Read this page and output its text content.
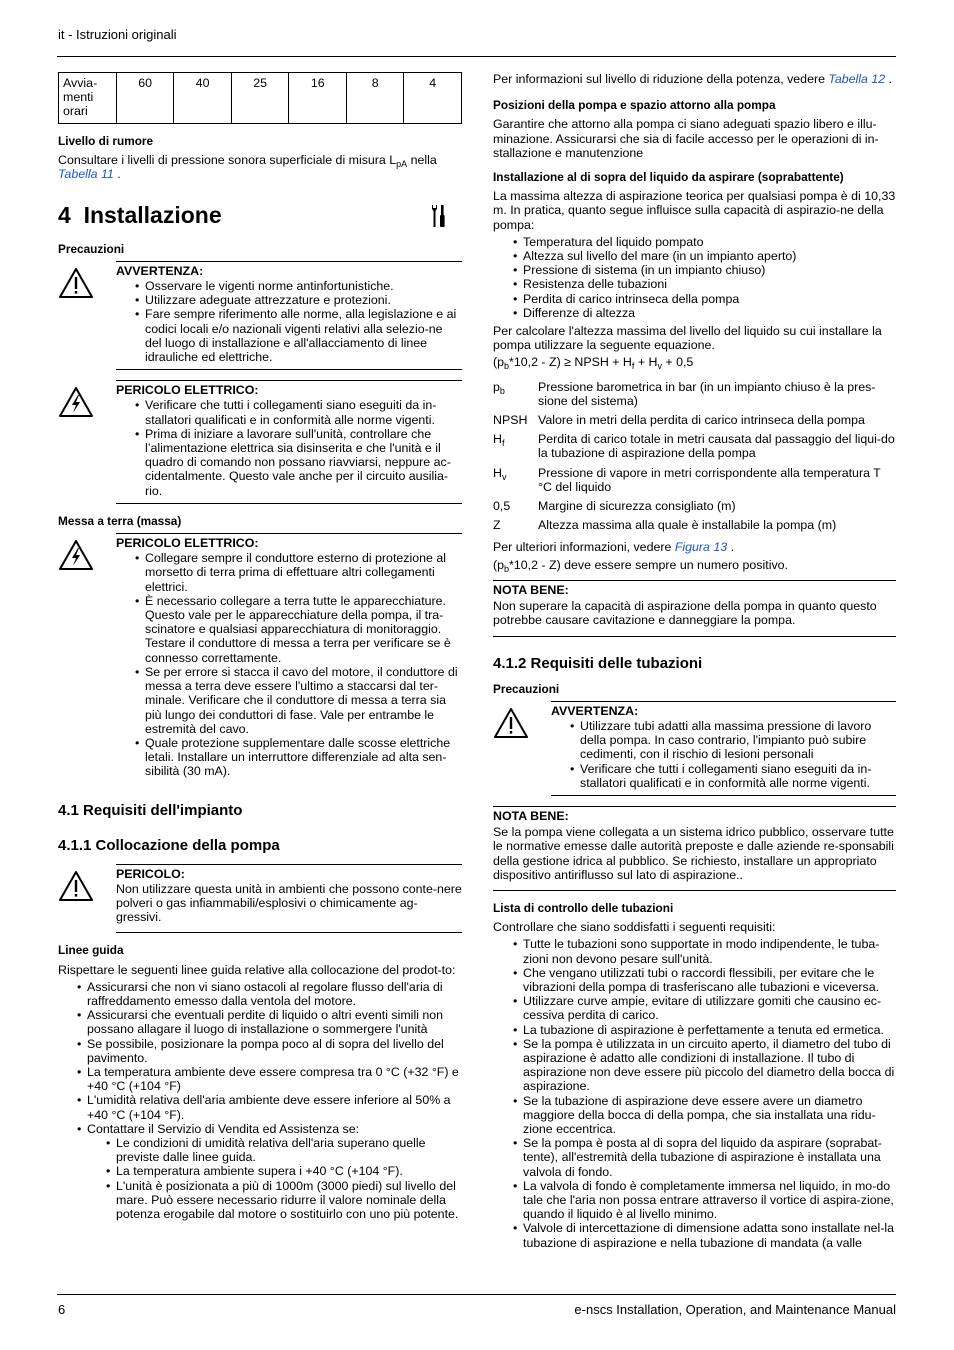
it - Istruzioni originali
Avvia-menti orari	60	40	25	16	8	4
Livello di rumore

Consultare i livelli di pressione sonora superficiale di misura $L_{pA}$ nella
Tabella 11 .

4 Installazione
Precauzioni
AVVERTENZA:
• Osservare le vigenti norme antinfortunistiche.
• Utilizzare adeguate attrezzature e protezioni.
• Fare sempre riferimento alle norme, alla legislazione e ai codici locali e/o nazionali vigenti relativi alla selezio-ne del luogo di installazione e all'allacciamento di linee idrauliche ed elettriche.
PERICOLO ELETTRICO:
• Verificare che tutti i collegamenti siano eseguiti da in-stallatori qualificati e in conformità alle norme vigenti.
• Prima di iniziare a lavorare sull'unità, controllare che l’alimentazione elettrica sia disinserita e che l'unità e il quadro di comando non possano riavviarsi, neppure ac-cidentalmente. Questo vale anche per il circuito ausilia-rio.
Messa a terra (massa)
PERICOLO ELETTRICO:
• Collegare sempre il conduttore esterno di protezione al morsetto di terra prima di effettuare altri collegamenti elettrici.
• È necessario collegare a terra tutte le apparecchiature. Questo vale per le apparecchiature della pompa, il tra-scinatore e qualsiasi apparecchiatura di monitoraggio. Testare il conduttore di messa a terra per verificare se è connesso correttamente.
• Se per errore si stacca il cavo del motore, il conduttore di messa a terra deve essere l'ultimo a staccarsi dal ter-minale. Verificare che il conduttore di messa a terra sia più lungo dei conduttori di fase. Vale per entrambe le estremità del cavo.
• Quale protezione supplementare dalle scosse elettriche letali. Installare un interruttore differenziale ad alta sen-sibilità (30 mA).
4.1 Requisiti dell'impianto
4.1.1 Collocazione della pompa
PERICOLO:

Non utilizzare questa unità in ambienti che possono conte-nere polveri o gas infiammabili/esplosivi o chimicamente ag-gressivi.

Linee guida

Rispettare le seguenti linee guida relative alla collocazione del prodot-to:

• Assicurarsi che non vi siano ostacoli al regolare flusso dell'aria di raffreddamento emesso dalla ventola del motore.
• Assicurarsi che eventuali perdite di liquido o altri eventi simili non possano allagare il luogo di installazione o sommergere l'unità
• Se possibile, posizionare la pompa poco al di sopra del livello del pavimento.
• La temperatura ambiente deve essere compresa tra 0 °C (+32 °F) e +40 °C (+104 °F)
• L'umidità relativa dell'aria ambiente deve essere inferiore al 50% a +40 °C (+104 °F).
• Contattare il Servizio di Vendita ed Assistenza se:
• Le condizioni di umidità relativa dell'aria superano quelle previste dalle linee guida.
• La temperatura ambiente supera i +40 °C (+104 °F).
• L'unità è posizionata a più di 1000m (3000 piedi) sul livello del mare. Può essere necessario ridurre il valore nominale della potenza erogabile dal motore o sostituirlo con uno più potente.

Per informazioni sul livello di riduzione della potenza, vedere Tabella 12 .

Posizioni della pompa e spazio attorno alla pompa

Garantire che attorno alla pompa ci siano adeguati spazio libero e illu-minazione. Assicurarsi che sia di facile accesso per le operazioni di in-stallazione e manutenzione

Installazione al di sopra del liquido da aspirare (soprabattente)

La massima altezza di aspirazione teorica per qualsiasi pompa è di 10,33 m. In pratica, quanto segue influisce sulla capacità di aspirazio-ne della pompa:

• Temperatura del liquido pompato
• Altezza sul livello del mare (in un impianto aperto)
• Pressione di sistema (in un impianto chiuso)
• Resistenza delle tubazioni
• Perdita di carico intrinseca della pompa
• Differenze di altezza

Per calcolare l'altezza massima del livello del liquido su cui installare la pompa utilizzare la seguente equazione.

$(p_b*10,2 - Z)$ ≥ NPSH + $H_f + H_v + 0,5$

$p_b$	Pressione barometrica in bar (in un impianto chiuso è la pres-sione del sistema)
NPSH Valore in metri della perdita di carico intrinseca della pompa
$H_f$	Perdita di carico totale in metri causata dal passaggio del liqui-do la tubazione di aspirazione della pompa
$H_v$	Pressione di vapore in metri corrispondente alla temperatura T °C del liquido
0,5	Margine di sicurezza consigliato (m)
Z	Altezza massima alla quale è installabile la pompa (m)

Per ulteriori informazioni, vedere Figura 13 .

$(p_b*10,2 - Z)$ deve essere sempre un numero positivo.

NOTA BENE:

Non superare la capacità di aspirazione della pompa in quanto questo potrebbe causare cavitazione e danneggiare la pompa.

4.1.2 Requisiti delle tubazioni
Precauzioni
AVVERTENZA:
• Utilizzare tubi adatti alla massima pressione di lavoro della pompa. In caso contrario, l'impianto può subire cedimenti, con il rischio di lesioni personali
• Verificare che tutti i collegamenti siano eseguiti da in-stallatori qualificati e in conformità alle norme vigenti.
NOTA BENE:

Se la pompa viene collegata a un sistema idrico pubblico, osservare tutte le normative emesse dalle autorità preposte e dalle aziende re-sponsabili della gestione idrica al pubblico. Se richiesto, installare un appropriato dispositivo antiriflusso sul lato di aspirazione..

Lista di controllo delle tubazioni

Controllare che siano soddisfatti i seguenti requisiti:

• Tutte le tubazioni sono supportate in modo indipendente, le tuba-zioni non devono pesare sull'unità.
• Che vengano utilizzati tubi o raccordi flessibili, per evitare che le vibrazioni della pompa di trasferiscano alle tubazioni e viceversa.
• Utilizzare curve ampie, evitare di utilizzare gomiti che causino ec-cessiva perdita di carico.
• La tubazione di aspirazione è perfettamente a tenuta ed ermetica.
• Se la pompa è utilizzata in un circuito aperto, il diametro del tubo di aspirazione è adatto alle condizioni di installazione. Il tubo di aspirazione non deve essere più piccolo del diametro della bocca di aspirazione.
• Se la tubazione di aspirazione deve essere avere un diametro maggiore della bocca di della pompa, che sia installata una ridu-zione eccentrica.
• Se la pompa è posta al di sopra del liquido da aspirare (soprabat-tente), all'estremità della tubazione di aspirazione è installata una valvola di fondo.
• La valvola di fondo è completamente immersa nel liquido, in mo-do tale che l'aria non possa entrare attraverso il vortice di aspira-zione, quando il liquido è al livello minimo.
• Valvole di intercettazione di dimensione adatta sono installate nel-la tubazione di aspirazione e nella tubazione di mandata (a valle
6	e-nscs Installation, Operation, and Maintenance Manual
